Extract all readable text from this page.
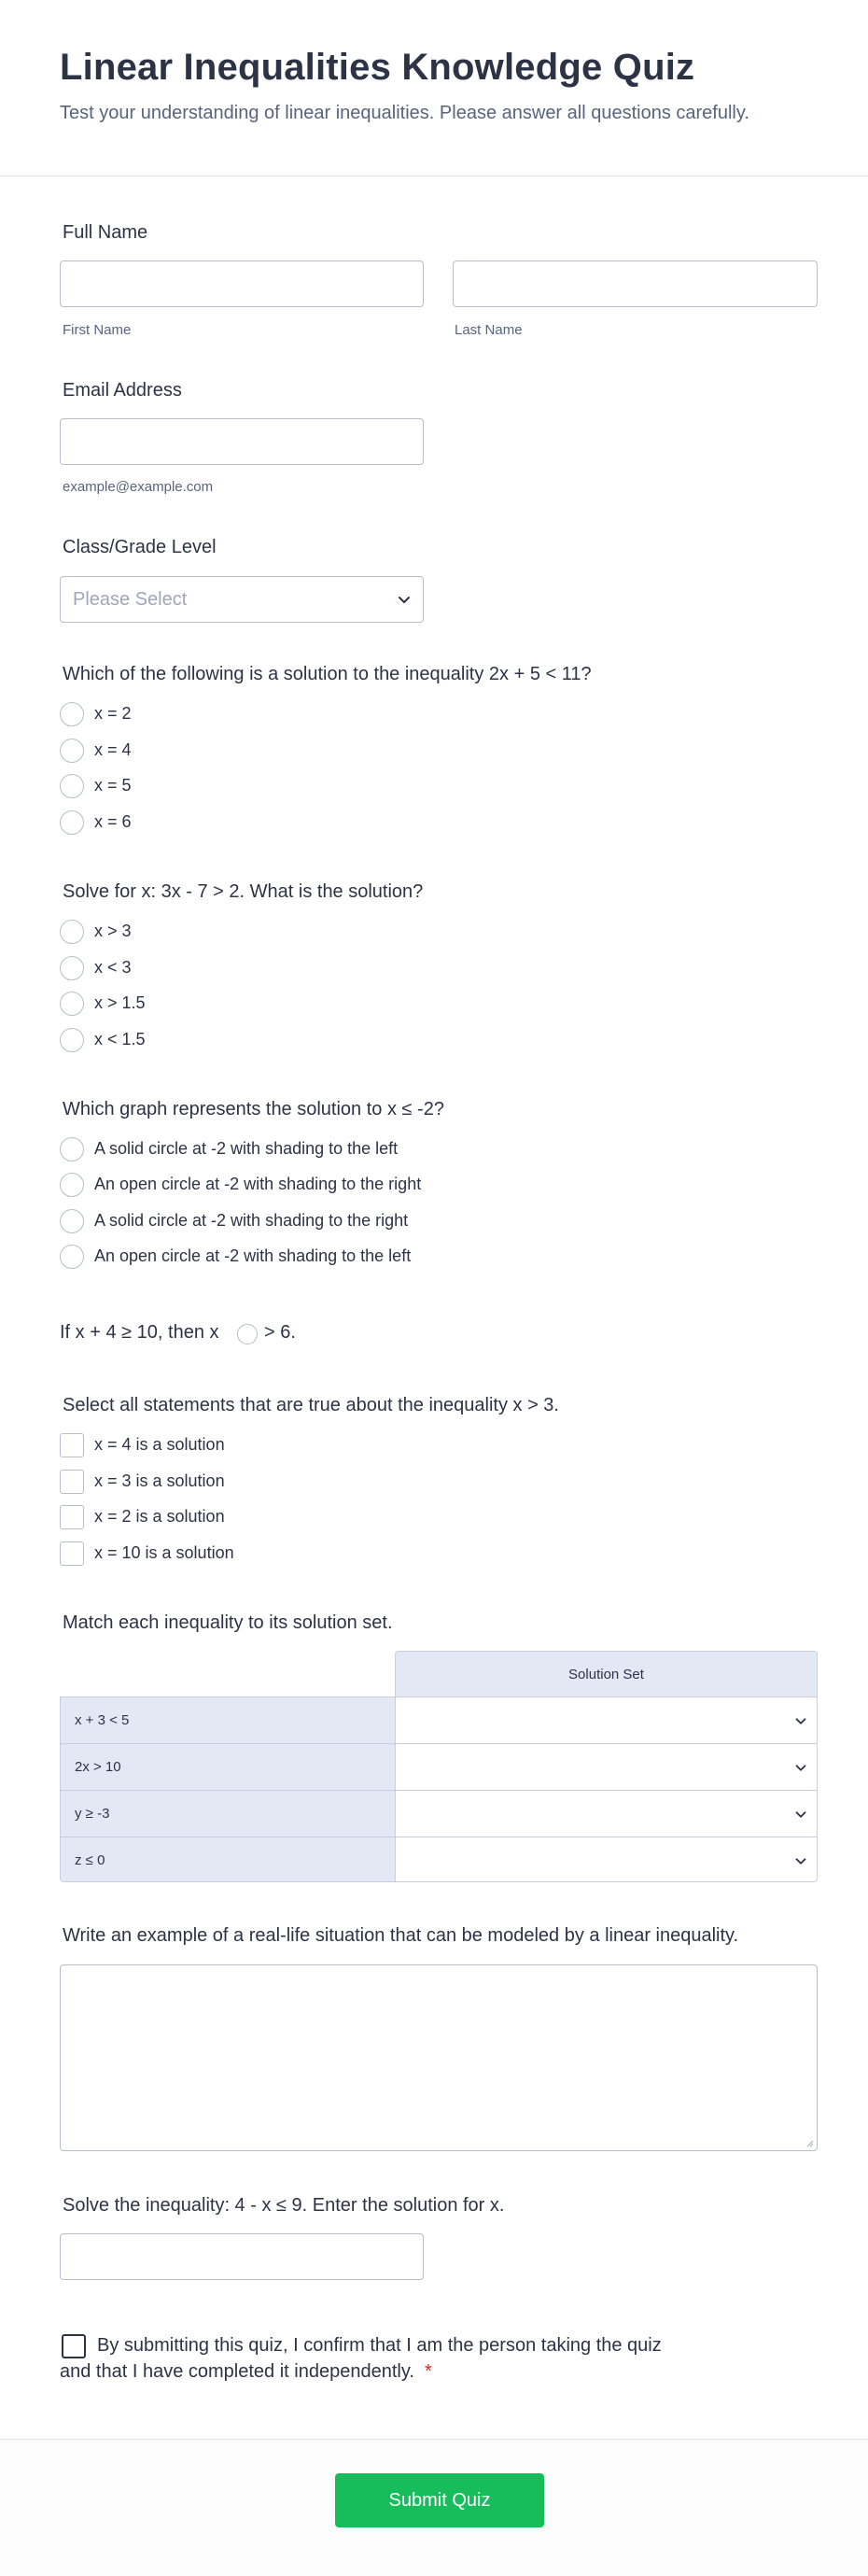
Linear Inequalities Knowledge Quiz

Test your understanding of linear inequalities. Please answer all questions carefully.

Full Name
First Name	Last Name
Email Address
example@example.com
Class/Grade Level
Please Select
Which of the following is a solution to the inequality 2x + 5 < 11?
x = 2
x = 4
x = 5
x = 6
Solve for x: 3x - 7 > 2. What is the solution?
x > 3
x < 3
x > 1.5
x < 1.5
Which graph represents the solution to x ≤ -2?
A solid circle at -2 with shading to the left
An open circle at -2 with shading to the right
A solid circle at -2 with shading to the right
An open circle at -2 with shading to the left
If x + 4 ≥ 10, then x > 6.
Select all statements that are true about the inequality x > 3.
x = 4 is a solution
x = 3 is a solution
x = 2 is a solution
x = 10 is a solution
Match each inequality to its solution set.
Solution Set
x + 3 < 5
2x > 10
y ≥ -3
z ≤ 0
Write an example of a real-life situation that can be modeled by a linear inequality.
Solve the inequality: 4 - x ≤ 9. Enter the solution for x.
By submitting this quiz, I confirm that I am the person taking the quiz
and that I have completed it independently. *
Submit Quiz
